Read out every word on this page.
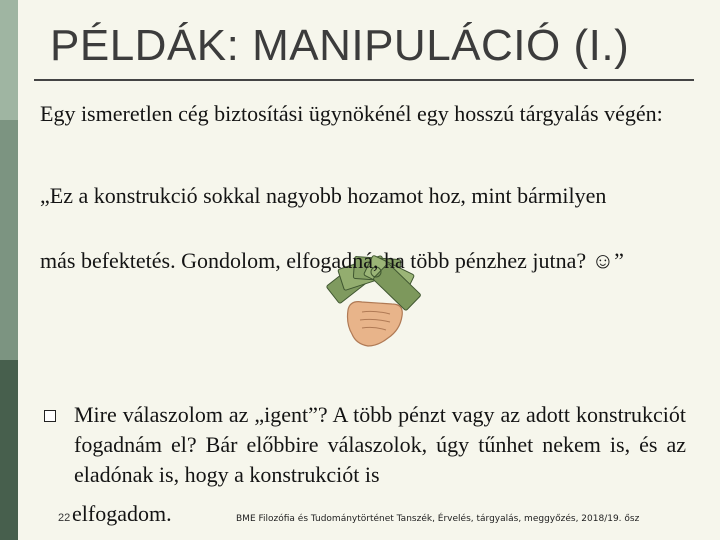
PÉLDÁK: MANIPULÁCIÓ (I.)
Egy ismeretlen cég biztosítási ügynökénél egy hosszú tárgyalás végén:
„Ez a konstrukció sokkal nagyobb hozamot hoz, mint bármilyen
más befektetés. Gondolom, elfogadná, ha több pénzhez jutna? ☺”
Mire válaszolom az „igent”? A több pénzt vagy az adott konstrukciót fogadnám el? Bár előbbire válaszolok, úgy tűnhet nekem is, és az eladónak is, hogy a konstrukciót is
elfogadom.
22	BME Filozófia és Tudománytörténet Tanszék, Érvelés, tárgyalás, meggyőzés, 2018/19. ősz
